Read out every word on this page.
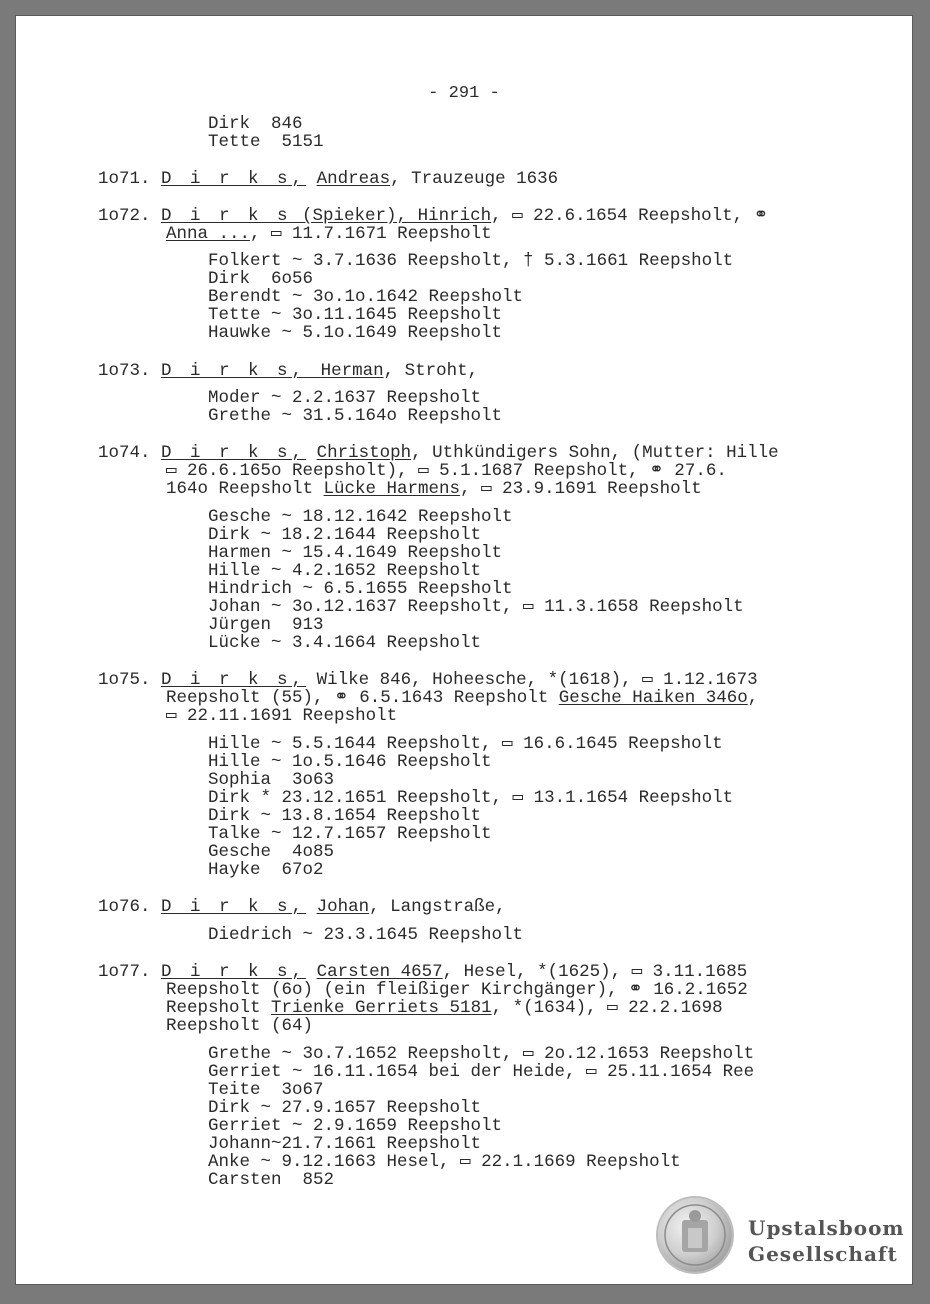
- 291 -
Dirk  846
Tette  5151
1o71. D i r k s, Andreas, Trauzeuge 1636
1o72. D i r k s (Spieker), Hinrich, ▭ 22.6.1654 Reepsholt, ⚭
Anna ..., ▭ 11.7.1671 Reepsholt
Folkert ~ 3.7.1636 Reepsholt, † 5.3.1661 Reepsholt
Dirk  6o56
Berendt ~ 3o.1o.1642 Reepsholt
Tette ~ 3o.11.1645 Reepsholt
Hauwke ~ 5.1o.1649 Reepsholt
1o73. D i r k s, Herman, Stroht,
Moder ~ 2.2.1637 Reepsholt
Grethe ~ 31.5.164o Reepsholt
1o74. D i r k s, Christoph, Uthkündigers Sohn, (Mutter: Hille
▭ 26.6.165o Reepsholt), ▭ 5.1.1687 Reepsholt, ⚭ 27.6.
164o Reepsholt Lücke Harmens, ▭ 23.9.1691 Reepsholt
Gesche ~ 18.12.1642 Reepsholt
Dirk ~ 18.2.1644 Reepsholt
Harmen ~ 15.4.1649 Reepsholt
Hille ~ 4.2.1652 Reepsholt
Hindrich ~ 6.5.1655 Reepsholt
Johan ~ 3o.12.1637 Reepsholt, ▭ 11.3.1658 Reepsholt
Jürgen  913
Lücke ~ 3.4.1664 Reepsholt
1o75. D i r k s, Wilke 846, Hoheesche, *(1618), ▭ 1.12.1673
Reepsholt (55), ⚭ 6.5.1643 Reepsholt Gesche Haiken 346o,
▭ 22.11.1691 Reepsholt
Hille ~ 5.5.1644 Reepsholt, ▭ 16.6.1645 Reepsholt
Hille ~ 1o.5.1646 Reepsholt
Sophia  3o63
Dirk * 23.12.1651 Reepsholt, ▭ 13.1.1654 Reepsholt
Dirk ~ 13.8.1654 Reepsholt
Talke ~ 12.7.1657 Reepsholt
Gesche  4o85
Hayke  67o2
1o76. D i r k s, Johan, Langstraße,
Diedrich ~ 23.3.1645 Reepsholt
1o77. D i r k s, Carsten 4657, Hesel, *(1625), ▭ 3.11.1685
Reepsholt (6o) (ein fleißiger Kirchgänger), ⚭ 16.2.1652
Reepsholt Trienke Gerriets 5181, *(1634), ▭ 22.2.1698
Reepsholt (64)
Grethe ~ 3o.7.1652 Reepsholt, ▭ 2o.12.1653 Reepsholt
Gerriet ~ 16.11.1654 bei der Heide, ▭ 25.11.1654 Ree
Teite  3o67
Dirk ~ 27.9.1657 Reepsholt
Gerriet ~ 2.9.1659 Reepsholt
Johann~21.7.1661 Reepsholt
Anke ~ 9.12.1663 Hesel, ▭ 22.1.1669 Reepsholt
Carsten  852
Upstalsboom
Gesellschaft
